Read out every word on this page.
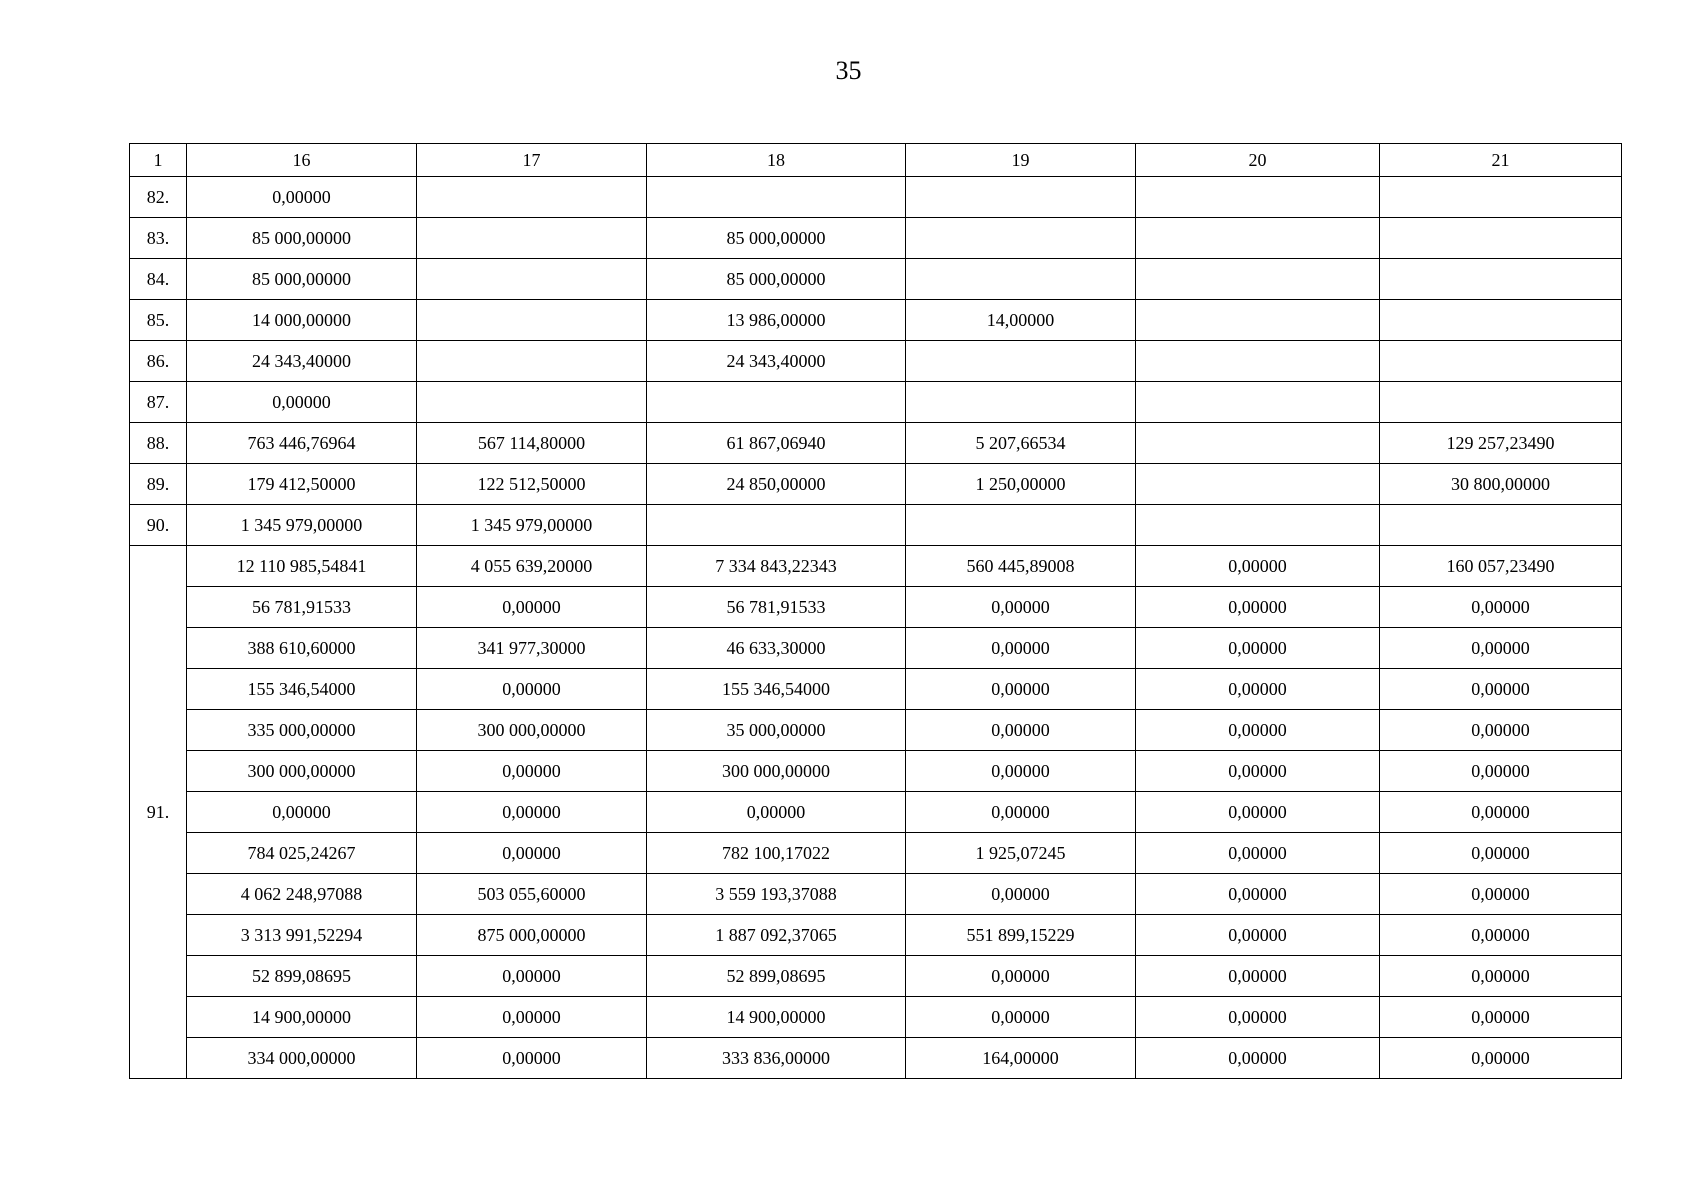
35
1	16	17	18	19	20	21
82.	0,00000					
83.	85 000,00000		85 000,00000			
84.	85 000,00000		85 000,00000			
85.	14 000,00000		13 986,00000	14,00000		
86.	24 343,40000		24 343,40000			
87.	0,00000					
88.	763 446,76964	567 114,80000	61 867,06940	5 207,66534		129 257,23490
89.	179 412,50000	122 512,50000	24 850,00000	1 250,00000		30 800,00000
90.	1 345 979,00000	1 345 979,00000				
91.	12 110 985,54841	4 055 639,20000	7 334 843,22343	560 445,89008	0,00000	160 057,23490
	56 781,91533	0,00000	56 781,91533	0,00000	0,00000	0,00000
	388 610,60000	341 977,30000	46 633,30000	0,00000	0,00000	0,00000
	155 346,54000	0,00000	155 346,54000	0,00000	0,00000	0,00000
	335 000,00000	300 000,00000	35 000,00000	0,00000	0,00000	0,00000
	300 000,00000	0,00000	300 000,00000	0,00000	0,00000	0,00000
	0,00000	0,00000	0,00000	0,00000	0,00000	0,00000
	784 025,24267	0,00000	782 100,17022	1 925,07245	0,00000	0,00000
	4 062 248,97088	503 055,60000	3 559 193,37088	0,00000	0,00000	0,00000
	3 313 991,52294	875 000,00000	1 887 092,37065	551 899,15229	0,00000	0,00000
	52 899,08695	0,00000	52 899,08695	0,00000	0,00000	0,00000
	14 900,00000	0,00000	14 900,00000	0,00000	0,00000	0,00000
	334 000,00000	0,00000	333 836,00000	164,00000	0,00000	0,00000
